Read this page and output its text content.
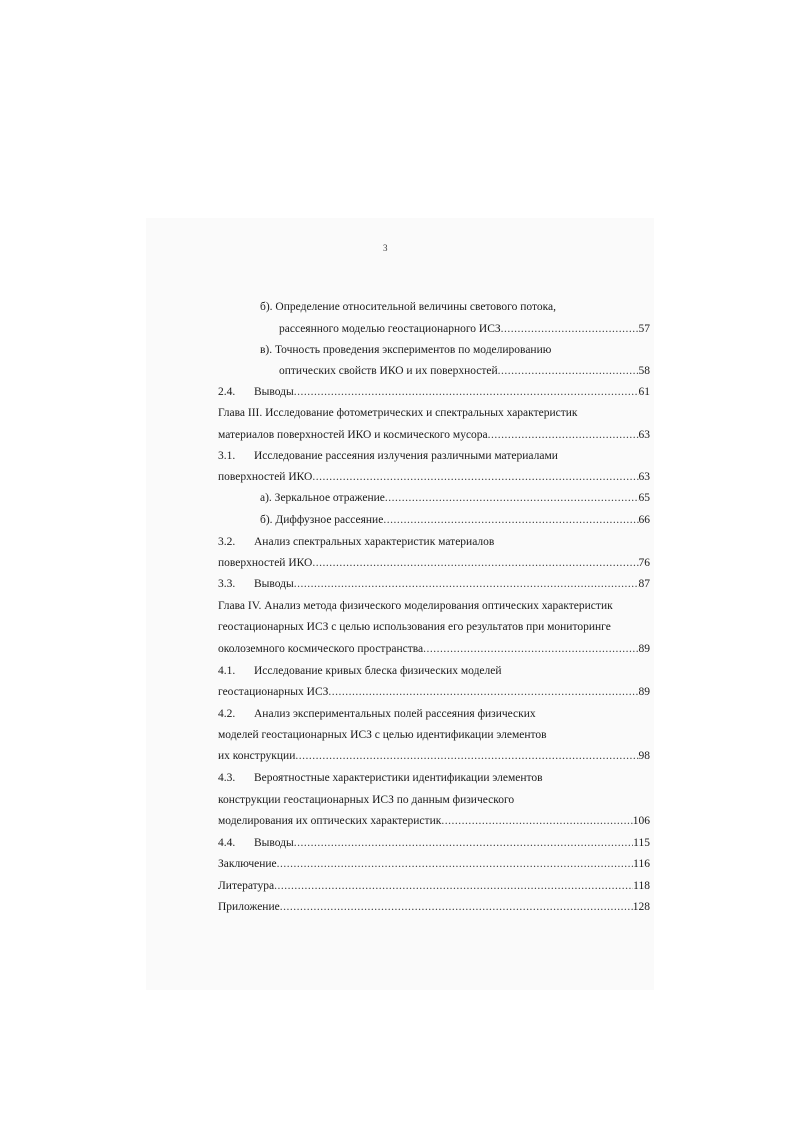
3
б). Определение относительной величины светового потока,
рассеянного моделью геостационарного ИСЗ .....	57
в). Точность проведения экспериментов по моделированию
оптических свойств ИКО и их поверхностей .....	58
2.4. Выводы .....	61
Глава III. Исследование фотометрических и спектральных характеристик
материалов поверхностей ИКО и космического мусора .....	63
3.1. Исследование рассеяния излучения различными материалами
поверхностей ИКО .....	63
а). Зеркальное отражение .....	65
б). Диффузное рассеяние .....	66
3.2. Анализ спектральных характеристик материалов
поверхностей ИКО .....	76
3.3. Выводы .....	87
Глава IV. Анализ метода физического моделирования оптических характеристик
геостационарных ИСЗ с целью использования его результатов при мониторинге
околоземного космического пространства .....	89
4.1. Исследование кривых блеска физических моделей
геостационарных ИСЗ .....	89
4.2. Анализ экспериментальных полей рассеяния физических
моделей геостационарных ИСЗ с целью идентификации элементов
их конструкции .....	98
4.3. Вероятностные характеристики идентификации элементов
конструкции геостационарных ИСЗ по данным физического
моделирования их оптических характеристик .....	106
4.4. Выводы .....	115
Заключение .....	116
Литература .....	118
Приложение .....	128
